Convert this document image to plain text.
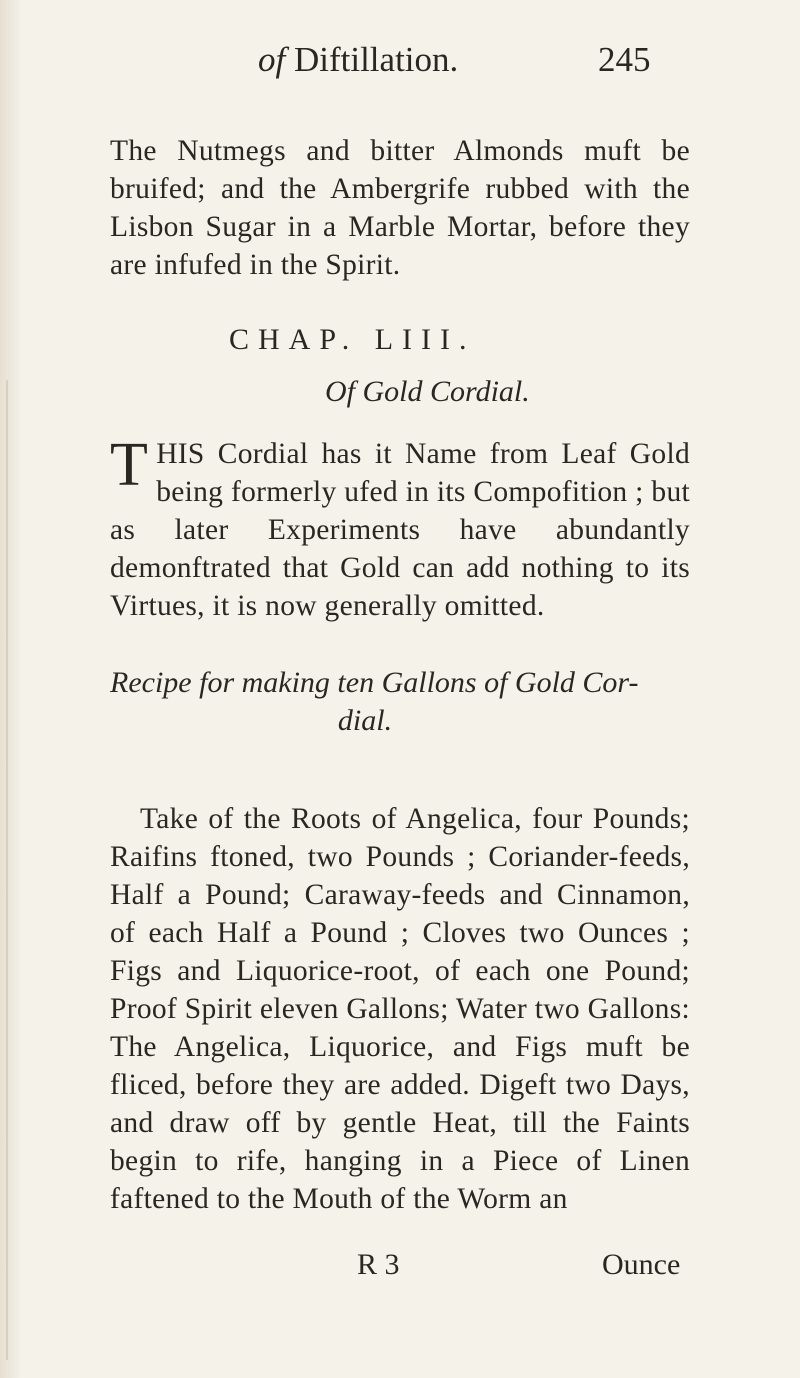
of Diftillation.	245

The Nutmegs and bitter Almonds muft be bruifed; and the Ambergrife rubbed with the Lisbon Sugar in a Marble Mortar, before they are infufed in the Spirit.

CHAP. LIII.
Of Gold Cordial.
THIS Cordial has it Name from Leaf Gold being formerly ufed in its Compofition ; but as later Experiments have abundantly demonftrated that Gold can add nothing to its Virtues, it is now generally omitted.
Recipe for making ten Gallons of Gold Cor-
dial.

Take of the Roots of Angelica, four Pounds; Raifins ftoned, two Pounds ; Coriander-feeds, Half a Pound; Caraway-feeds and Cinnamon, of each Half a Pound ; Cloves two Ounces ; Figs and Liquorice-root, of each one Pound; Proof Spirit eleven Gallons; Water two Gallons: The Angelica, Liquorice, and Figs muft be fliced, before they are added. Digeft two Days, and draw off by gentle Heat, till the Faints begin to rife, hanging in a Piece of Linen faftened to the Mouth of the Worm an

R 3	Ounce
